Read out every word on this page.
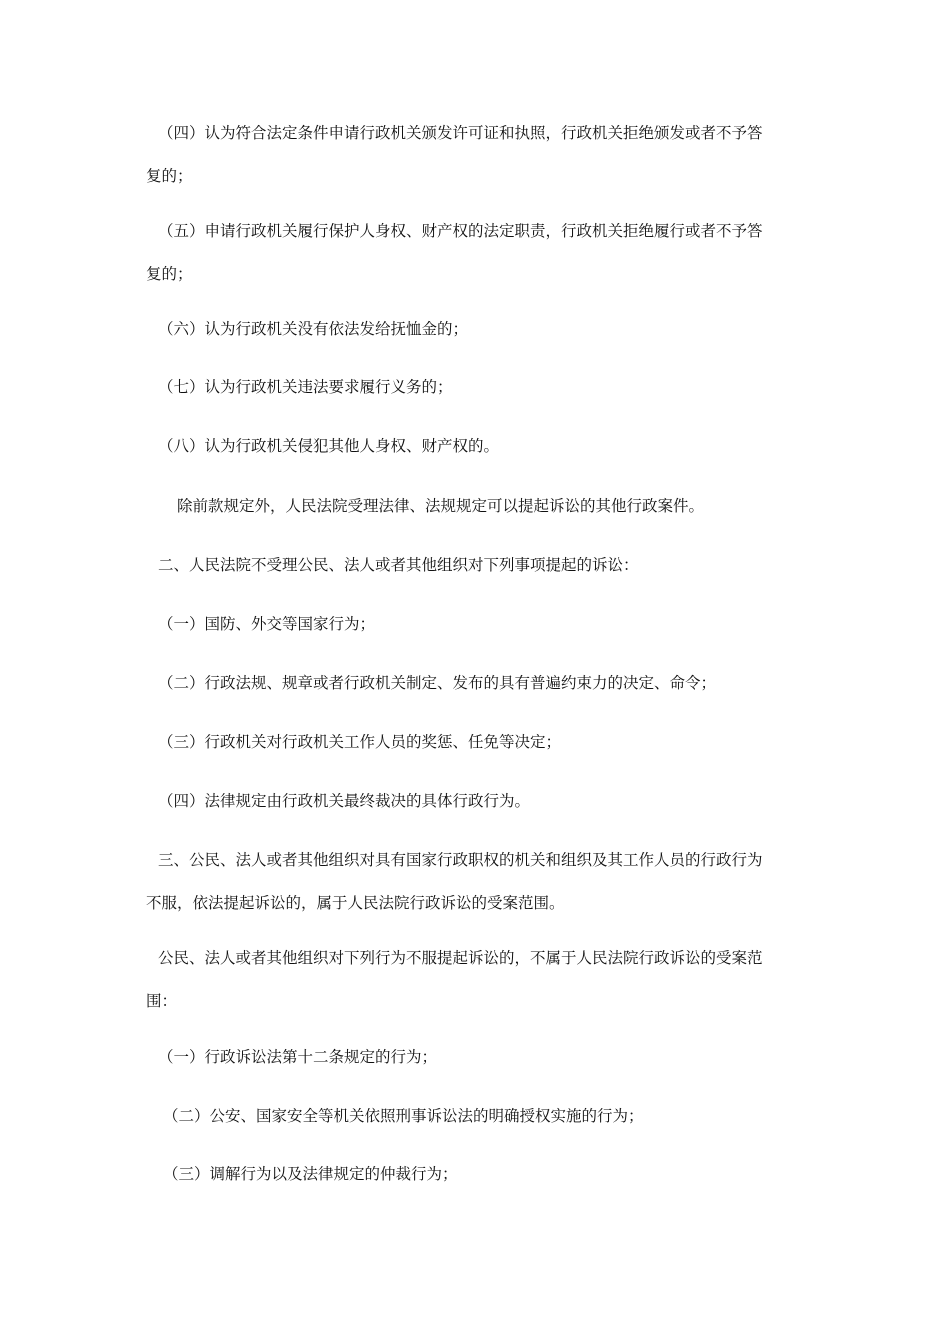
（四）认为符合法定条件申请行政机关颁发许可证和执照，行政机关拒绝颁发或者不予答
复的；

（五）申请行政机关履行保护人身权、财产权的法定职责，行政机关拒绝履行或者不予答
复的；

（六）认为行政机关没有依法发给抚恤金的；

（七）认为行政机关违法要求履行义务的；

（八）认为行政机关侵犯其他人身权、财产权的。

除前款规定外，人民法院受理法律、法规规定可以提起诉讼的其他行政案件。

二、人民法院不受理公民、法人或者其他组织对下列事项提起的诉讼：

（一）国防、外交等国家行为；

（二）行政法规、规章或者行政机关制定、发布的具有普遍约束力的决定、命令；

（三）行政机关对行政机关工作人员的奖惩、任免等决定；

（四）法律规定由行政机关最终裁决的具体行政行为。

三、公民、法人或者其他组织对具有国家行政职权的机关和组织及其工作人员的行政行为
不服，依法提起诉讼的，属于人民法院行政诉讼的受案范围。

公民、法人或者其他组织对下列行为不服提起诉讼的，不属于人民法院行政诉讼的受案范
围：

（一）行政诉讼法第十二条规定的行为；

（二）公安、国家安全等机关依照刑事诉讼法的明确授权实施的行为；

（三）调解行为以及法律规定的仲裁行为；
